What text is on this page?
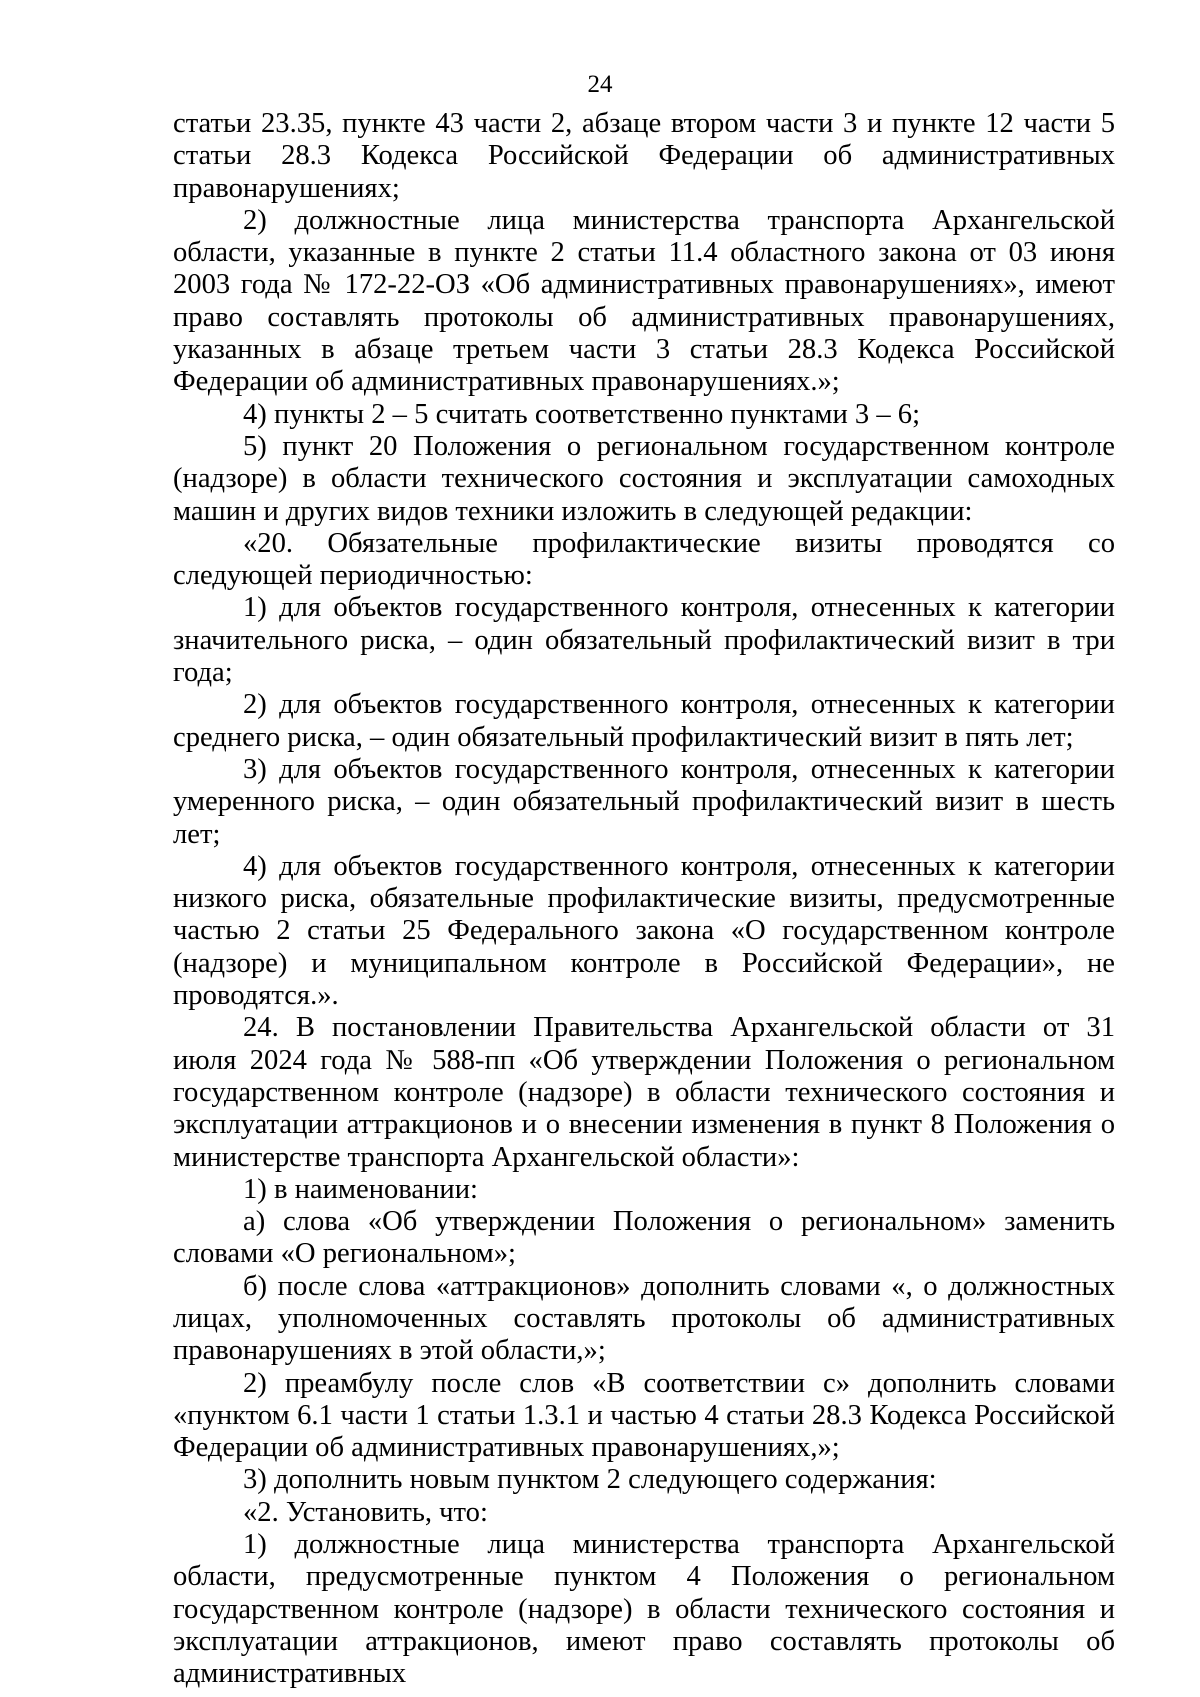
24

статьи 23.35, пункте 43 части 2, абзаце втором части 3 и пункте 12 части 5 статьи 28.3 Кодекса Российской Федерации об административных правонарушениях;

2) должностные лица министерства транспорта Архангельской области, указанные в пункте 2 статьи 11.4 областного закона от 03 июня 2003 года № 172-22-ОЗ «Об административных правонарушениях», имеют право составлять протоколы об административных правонарушениях, указанных в абзаце третьем части 3 статьи 28.3 Кодекса Российской Федерации об административных правонарушениях.»;

4) пункты 2 – 5 считать соответственно пунктами 3 – 6;

5) пункт 20 Положения о региональном государственном контроле (надзоре) в области технического состояния и эксплуатации самоходных машин и других видов техники изложить в следующей редакции:

«20. Обязательные профилактические визиты проводятся со следующей периодичностью:

1) для объектов государственного контроля, отнесенных к категории значительного риска, – один обязательный профилактический визит в три года;

2) для объектов государственного контроля, отнесенных к категории среднего риска, – один обязательный профилактический визит в пять лет;

3) для объектов государственного контроля, отнесенных к категории умеренного риска, – один обязательный профилактический визит в шесть лет;

4) для объектов государственного контроля, отнесенных к категории низкого риска, обязательные профилактические визиты, предусмотренные частью 2 статьи 25 Федерального закона «О государственном контроле (надзоре) и муниципальном контроле в Российской Федерации», не проводятся.».

24. В постановлении Правительства Архангельской области от 31 июля 2024 года № 588-пп «Об утверждении Положения о региональном государственном контроле (надзоре) в области технического состояния и эксплуатации аттракционов и о внесении изменения в пункт 8 Положения о министерстве транспорта Архангельской области»:

1) в наименовании:

а) слова «Об утверждении Положения о региональном» заменить словами «О региональном»;

б) после слова «аттракционов» дополнить словами «, о должностных лицах, уполномоченных составлять протоколы об административных правонарушениях в этой области,»;

2) преамбулу после слов «В соответствии с» дополнить словами «пунктом 6.1 части 1 статьи 1.3.1 и частью 4 статьи 28.3 Кодекса Российской Федерации об административных правонарушениях,»;

3) дополнить новым пунктом 2 следующего содержания:

«2. Установить, что:

1) должностные лица министерства транспорта Архангельской области, предусмотренные пунктом 4 Положения о региональном государственном контроле (надзоре) в области технического состояния и эксплуатации аттракционов, имеют право составлять протоколы об административных
